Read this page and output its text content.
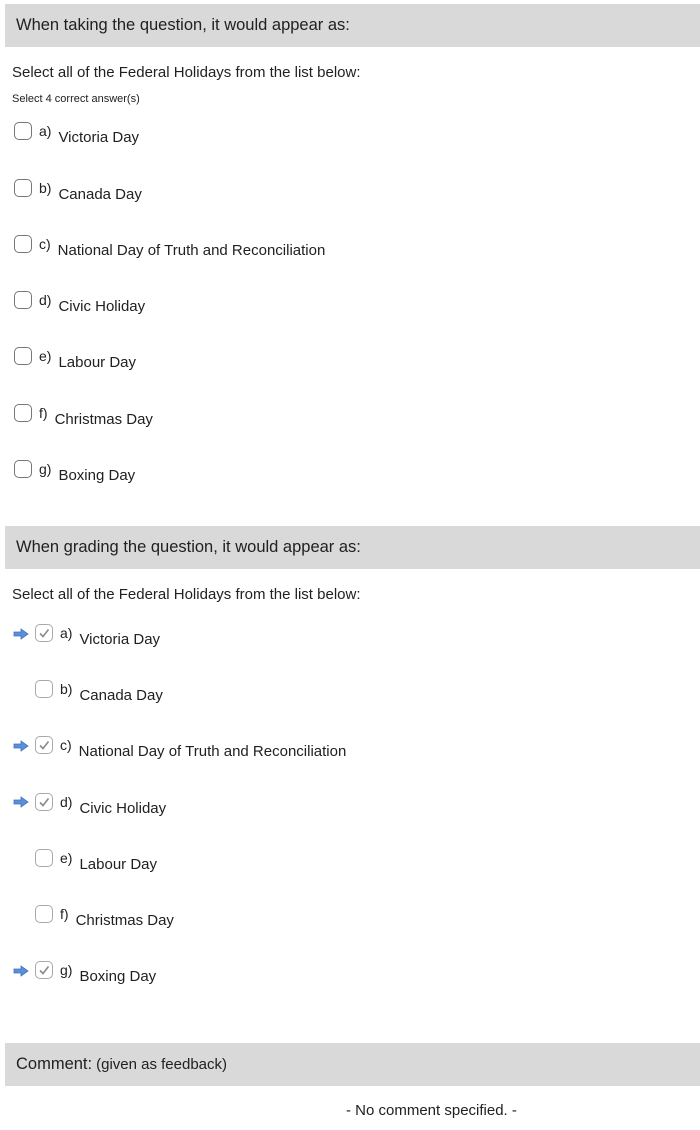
When taking the question, it would appear as:
Select all of the Federal Holidays from the list below:
Select 4 correct answer(s)
a) Victoria Day
b) Canada Day
c) National Day of Truth and Reconciliation
d) Civic Holiday
e) Labour Day
f) Christmas Day
g) Boxing Day
When grading the question, it would appear as:
Select all of the Federal Holidays from the list below:
a) Victoria Day
b) Canada Day
c) National Day of Truth and Reconciliation
d) Civic Holiday
e) Labour Day
f) Christmas Day
g) Boxing Day
Comment: (given as feedback)
- No comment specified. -
